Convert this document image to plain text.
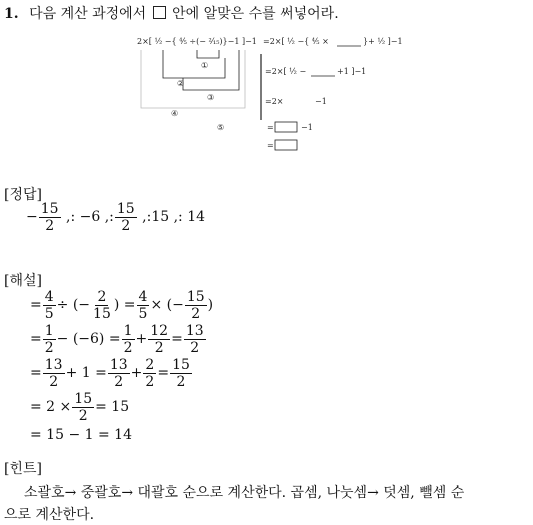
1. 다음 계산 과정에서 안에 알맞은 수를 써넣어라.
2×[ ½ −{ ⅘ ÷(− ²⁄₁₅)}−1 ]−1 =2×[ ½ −{ ⅘ ×	}+ ½ ]−1
=2×[ ½ −	+1 ]−1
=2×	−1
=	−1
=
①
②
③
④
⑤
[정답]
− $\frac{15}{2}$ ,: −6 ,: $\frac{15}{2}$ ,:15 ,: 14
[해설]
= $\frac{4}{5}$ ÷ (− $\frac{2}{15}$ ) = $\frac{4}{5}$ × (− $\frac{15}{2}$ )
= $\frac{1}{2} - (-6) = \frac{1}{2} + \frac{12}{2} = \frac{13}{2}$
= $\frac{13}{2} + 1 = \frac{13}{2} + \frac{2}{2} = \frac{15}{2}$
= $2 \times \frac{15}{2} = 15$
= 15 − 1 = 14
[힌트]
소괄호→ 중괄호→ 대괄호 순으로 계산한다. 곱셈, 나눗셈→ 덧셈, 뺄셈 순
으로 계산한다.
